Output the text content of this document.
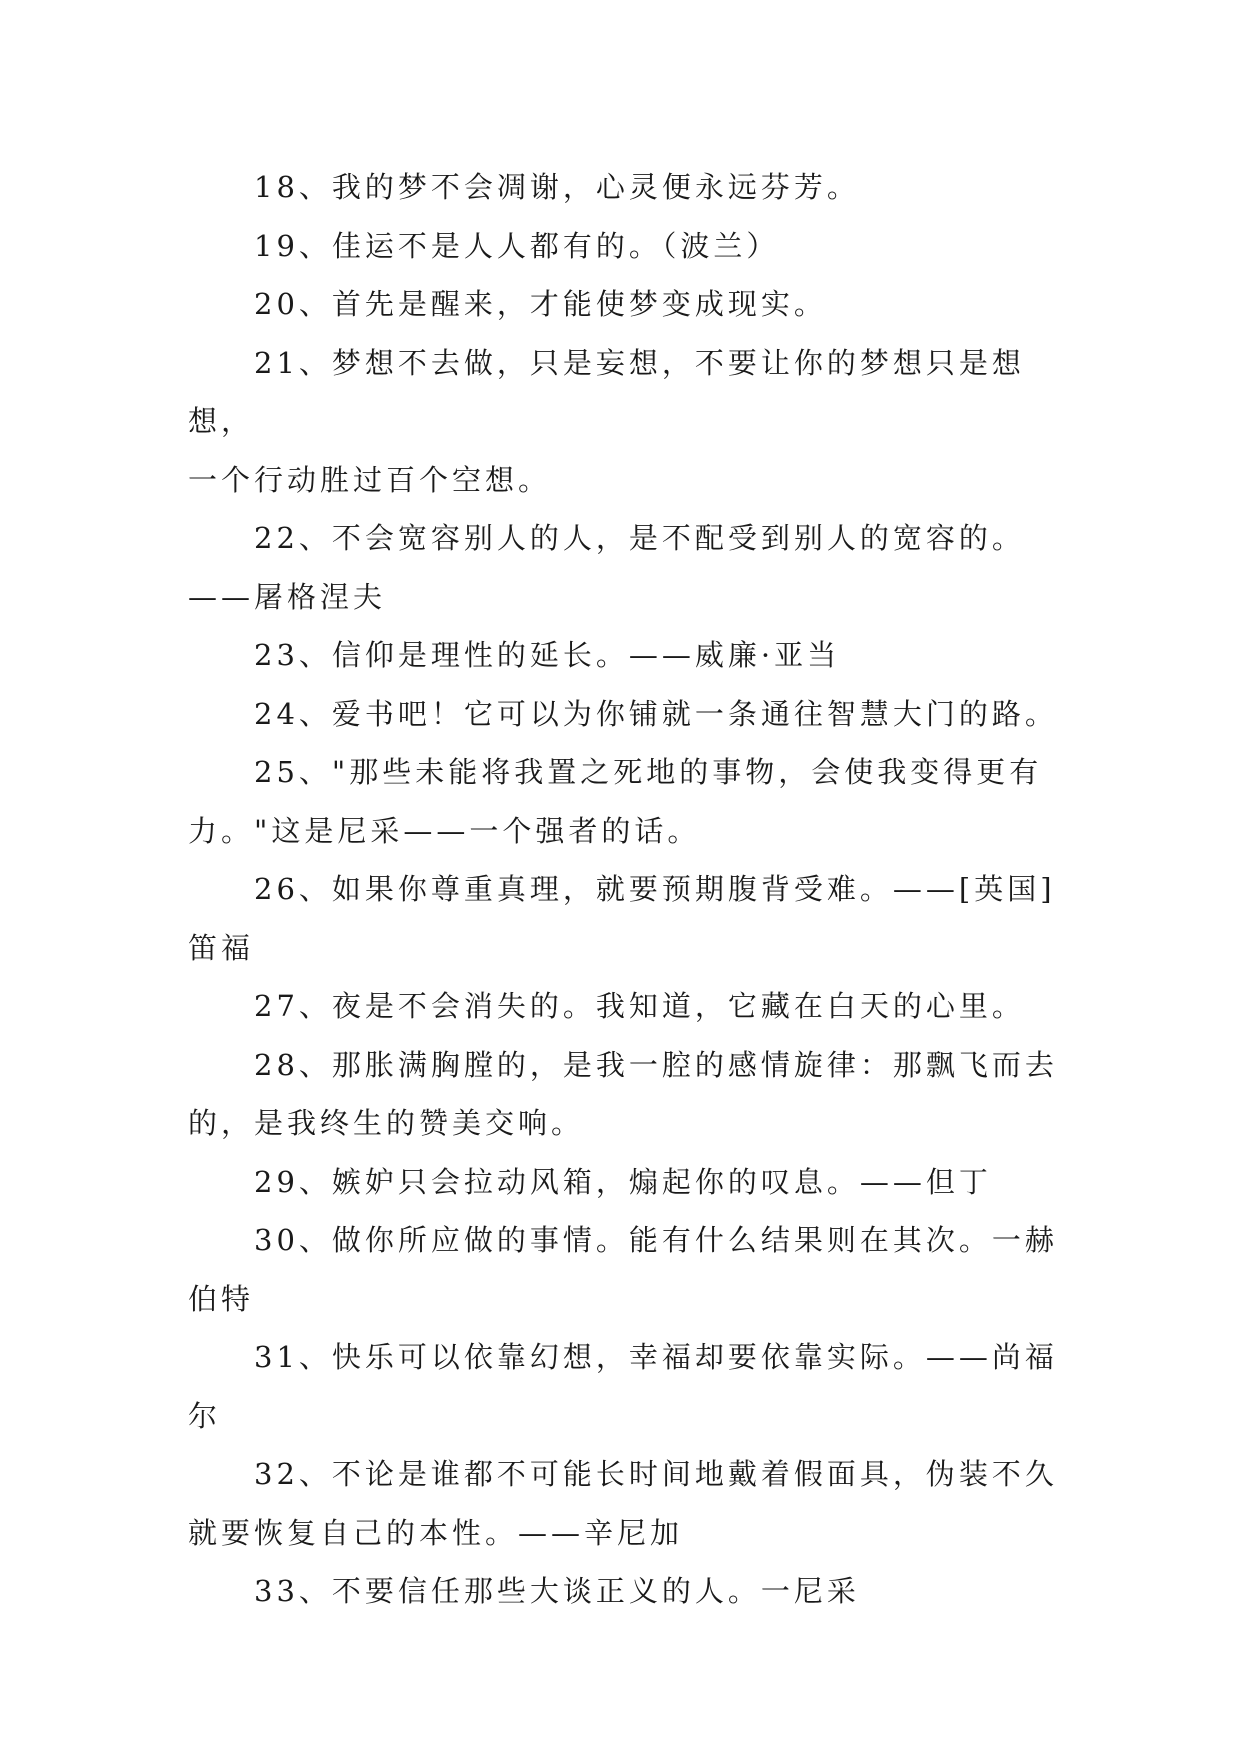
18、我的梦不会凋谢，心灵便永远芬芳。

19、佳运不是人人都有的。（波兰）

20、首先是醒来，才能使梦变成现实。

21、梦想不去做，只是妄想，不要让你的梦想只是想想，
一个行动胜过百个空想。

22、不会宽容别人的人，是不配受到别人的宽容的。
——屠格涅夫

23、信仰是理性的延长。——威廉·亚当

24、爱书吧！它可以为你铺就一条通往智慧大门的路。

25、"那些未能将我置之死地的事物，会使我变得更有
力。"这是尼采——一个强者的话。

26、如果你尊重真理，就要预期腹背受难。——[英国]
笛福

27、夜是不会消失的。我知道，它藏在白天的心里。

28、那胀满胸膛的，是我一腔的感情旋律：那飘飞而去
的，是我终生的赞美交响。

29、嫉妒只会拉动风箱，煽起你的叹息。——但丁

30、做你所应做的事情。能有什么结果则在其次。一赫
伯特

31、快乐可以依靠幻想，幸福却要依靠实际。——尚福
尔

32、不论是谁都不可能长时间地戴着假面具，伪装不久
就要恢复自己的本性。——辛尼加

33、不要信任那些大谈正义的人。一尼采
